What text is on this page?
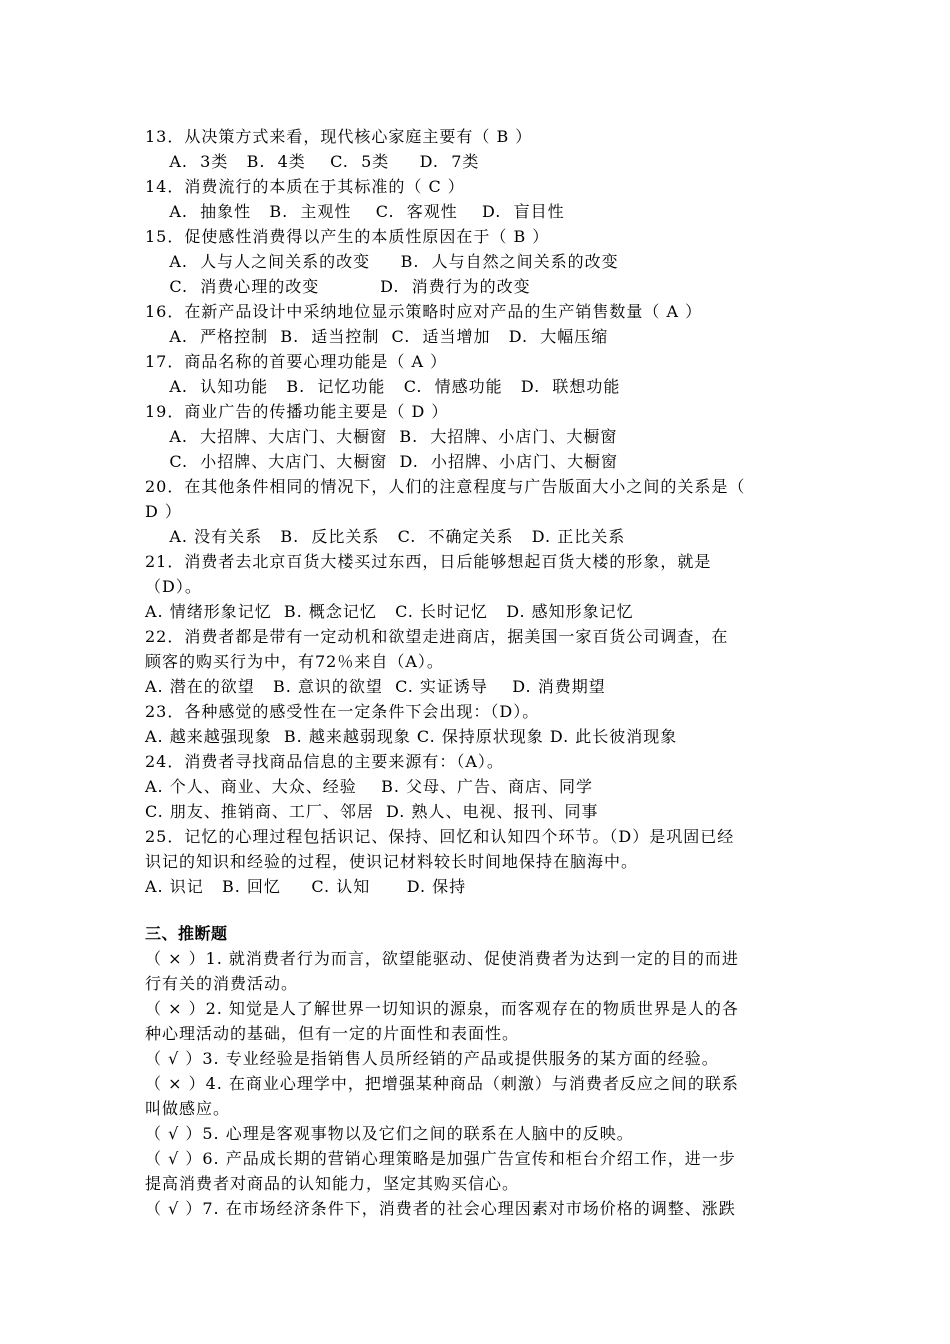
13．从决策方式来看，现代核心家庭主要有（ B ）
A.  3类   B.  4类    C.  5类     D.  7类
14．消费流行的本质在于其标准的（ C ）
A.  抽象性   B.  主观性    C.  客观性    D.  盲目性
15．促使感性消费得以产生的本质性原因在于（ B ）
A.  人与人之间关系的改变     B.  人与自然之间关系的改变
C.  消费心理的改变          D.  消费行为的改变
16．在新产品设计中采纳地位显示策略时应对产品的生产销售数量（ A ）
A.  严格控制  B.  适当控制  C.  适当增加   D.  大幅压缩
17．商品名称的首要心理功能是（ A ）
A.  认知功能   B.  记忆功能   C.  情感功能   D.  联想功能
19．商业广告的传播功能主要是（ D ）
A.  大招牌、大店门、大橱窗  B.  大招牌、小店门、大橱窗
C.  小招牌、大店门、大橱窗  D.  小招牌、小店门、大橱窗
20．在其他条件相同的情况下，人们的注意程度与广告版面大小之间的关系是（
D ）
A. 没有关系   B.  反比关系   C.  不确定关系   D. 正比关系
21．消费者去北京百货大楼买过东西，日后能够想起百货大楼的形象，就是
（D）。
A. 情绪形象记忆  B. 概念记忆   C. 长时记忆   D. 感知形象记忆
22．消费者都是带有一定动机和欲望走进商店，据美国一家百货公司调查，在
顾客的购买行为中，有72％来自（A）。
A. 潜在的欲望   B. 意识的欲望  C. 实证诱导    D. 消费期望
23．各种感觉的感受性在一定条件下会出现：（D）。
A. 越来越强现象  B. 越来越弱现象 C. 保持原状现象 D. 此长彼消现象
24．消费者寻找商品信息的主要来源有：（A）。
A. 个人、商业、大众、经验    B. 父母、广告、商店、同学
C. 朋友、推销商、工厂、邻居  D. 熟人、电视、报刊、同事
25．记忆的心理过程包括识记、保持、回忆和认知四个环节。（D）是巩固已经
识记的知识和经验的过程，使识记材料较长时间地保持在脑海中。
A. 识记   B. 回忆     C. 认知      D. 保持
三、推断题
（ × ）1. 就消费者行为而言，欲望能驱动、促使消费者为达到一定的目的而进
行有关的消费活动。
（ × ）2. 知觉是人了解世界一切知识的源泉，而客观存在的物质世界是人的各
种心理活动的基础，但有一定的片面性和表面性。
（ √ ）3. 专业经验是指销售人员所经销的产品或提供服务的某方面的经验。
（ × ）4. 在商业心理学中，把增强某种商品（刺激）与消费者反应之间的联系
叫做感应。
（ √ ）5. 心理是客观事物以及它们之间的联系在人脑中的反映。
（ √ ）6. 产品成长期的营销心理策略是加强广告宣传和柜台介绍工作，进一步
提高消费者对商品的认知能力，坚定其购买信心。
（ √ ）7. 在市场经济条件下，消费者的社会心理因素对市场价格的调整、涨跌
